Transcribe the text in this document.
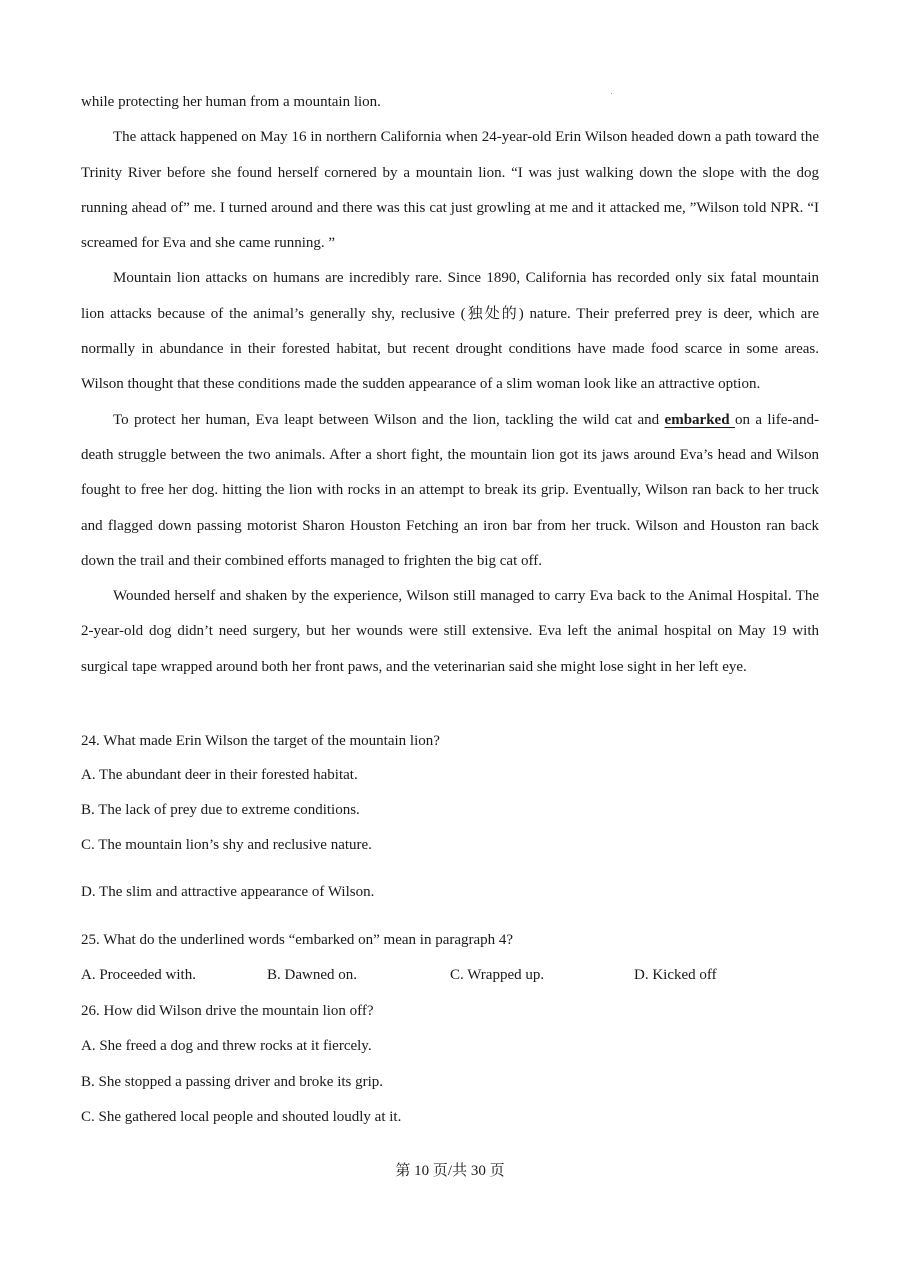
while protecting her human from a mountain lion.

The attack happened on May 16 in northern California when 24-year-old Erin Wilson headed down a path toward the Trinity River before she found herself cornered by a mountain lion. “I was just walking down the slope with the dog running ahead of” me. I turned around and there was this cat just growling at me and it attacked me, ”Wilson told NPR. “I screamed for Eva and she came running. ”

Mountain lion attacks on humans are incredibly rare. Since 1890, California has recorded only six fatal mountain lion attacks because of the animal’s generally shy, reclusive (独处的) nature. Their preferred prey is deer, which are normally in abundance in their forested habitat, but recent drought conditions have made food scarce in some areas. Wilson thought that these conditions made the sudden appearance of a slim woman look like an attractive option.

To protect her human, Eva leapt between Wilson and the lion, tackling the wild cat and embarked on a life-and-death struggle between the two animals. After a short fight, the mountain lion got its jaws around Eva’s head and Wilson fought to free her dog. hitting the lion with rocks in an attempt to break its grip. Eventually, Wilson ran back to her truck and flagged down passing motorist Sharon Houston Fetching an iron bar from her truck. Wilson and Houston ran back down the trail and their combined efforts managed to frighten the big cat off.

Wounded herself and shaken by the experience, Wilson still managed to carry Eva back to the Animal Hospital. The 2-year-old dog didn’t need surgery, but her wounds were still extensive. Eva left the animal hospital on May 19 with surgical tape wrapped around both her front paws, and the veterinarian said she might lose sight in her left eye.

24. What made Erin Wilson the target of the mountain lion?

A. The abundant deer in their forested habitat.

B. The lack of prey due to extreme conditions.

C. The mountain lion’s shy and reclusive nature.

D. The slim and attractive appearance of Wilson.

25. What do the underlined words “embarked on” mean in paragraph 4?

A. Proceeded with.	B. Dawned on.	C. Wrapped up.	D. Kicked off

26. How did Wilson drive the mountain lion off?

A. She freed a dog and threw rocks at it fiercely.

B. She stopped a passing driver and broke its grip.

C. She gathered local people and shouted loudly at it.

第 10 页/共 30 页
